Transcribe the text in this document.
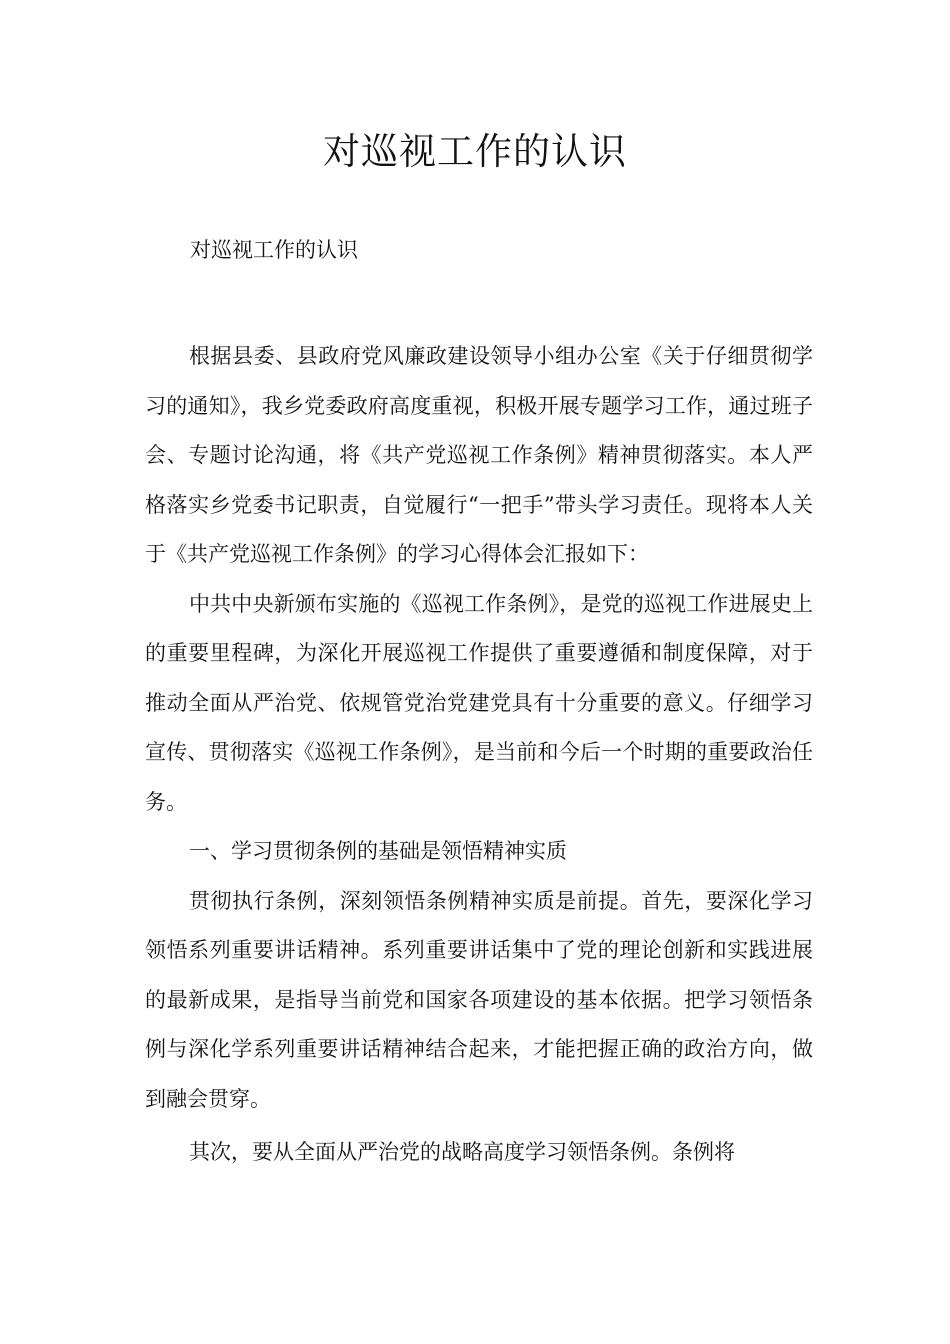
对巡视工作的认识
对巡视工作的认识

根据县委、县政府党风廉政建设领导小组办公室《关于仔细贯彻学习的通知》，我乡党委政府高度重视，积极开展专题学习工作，通过班子会、专题讨论沟通，将《共产党巡视工作条例》精神贯彻落实。本人严格落实乡党委书记职责，自觉履行“一把手”带头学习责任。现将本人关于《共产党巡视工作条例》的学习心得体会汇报如下：

中共中央新颁布实施的《巡视工作条例》，是党的巡视工作进展史上的重要里程碑，为深化开展巡视工作提供了重要遵循和制度保障，对于推动全面从严治党、依规管党治党建党具有十分重要的意义。仔细学习宣传、贯彻落实《巡视工作条例》，是当前和今后一个时期的重要政治任务。

一、学习贯彻条例的基础是领悟精神实质

贯彻执行条例，深刻领悟条例精神实质是前提。首先，要深化学习领悟系列重要讲话精神。系列重要讲话集中了党的理论创新和实践进展的最新成果，是指导当前党和国家各项建设的基本依据。把学习领悟条例与深化学系列重要讲话精神结合起来，才能把握正确的政治方向，做到融会贯穿。

其次，要从全面从严治党的战略高度学习领悟条例。条例将
